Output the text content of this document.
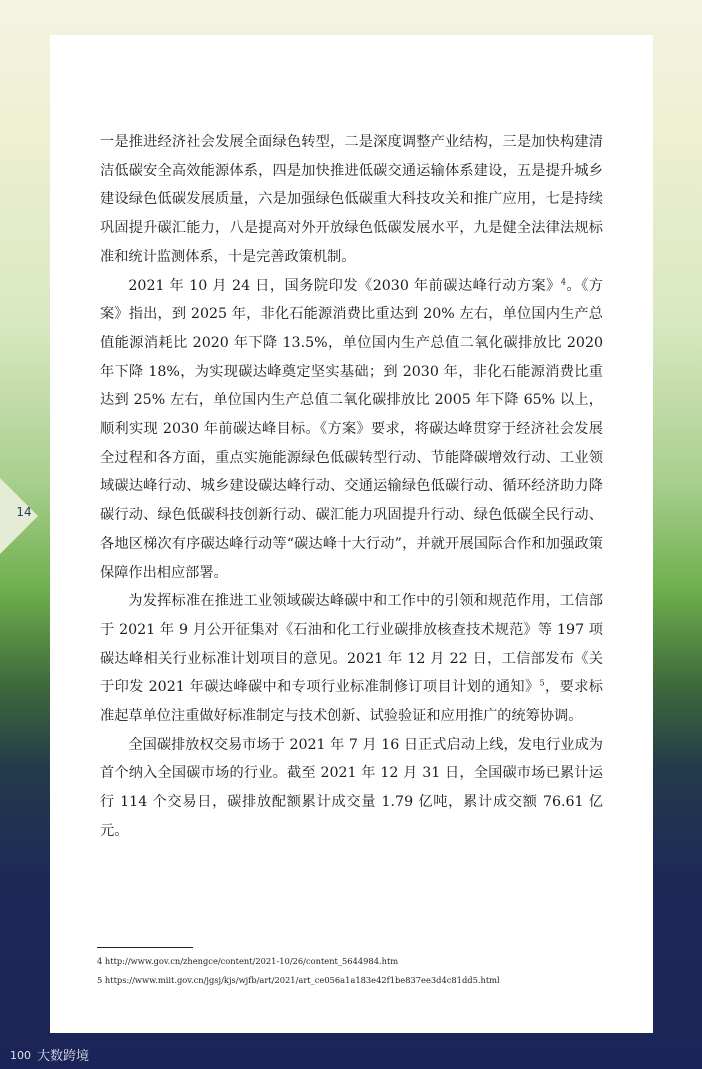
14

一是推进经济社会发展全面绿色转型，二是深度调整产业结构，三是加快构建清洁低碳安全高效能源体系，四是加快推进低碳交通运输体系建设，五是提升城乡建设绿色低碳发展质量，六是加强绿色低碳重大科技攻关和推广应用，七是持续巩固提升碳汇能力，八是提高对外开放绿色低碳发展水平，九是健全法律法规标准和统计监测体系，十是完善政策机制。

2021 年 10 月 24 日，国务院印发《2030 年前碳达峰行动方案》$^4$。《方案》指出，到 2025 年，非化石能源消费比重达到 20% 左右，单位国内生产总值能源消耗比 2020 年下降 13.5%，单位国内生产总值二氧化碳排放比 2020 年下降 18%，为实现碳达峰奠定坚实基础；到 2030 年，非化石能源消费比重达到 25% 左右，单位国内生产总值二氧化碳排放比 2005 年下降 65% 以上，顺利实现 2030 年前碳达峰目标。《方案》要求，将碳达峰贯穿于经济社会发展全过程和各方面，重点实施能源绿色低碳转型行动、节能降碳增效行动、工业领域碳达峰行动、城乡建设碳达峰行动、交通运输绿色低碳行动、循环经济助力降碳行动、绿色低碳科技创新行动、碳汇能力巩固提升行动、绿色低碳全民行动、各地区梯次有序碳达峰行动等“碳达峰十大行动”，并就开展国际合作和加强政策保障作出相应部署。

为发挥标准在推进工业领域碳达峰碳中和工作中的引领和规范作用，工信部于 2021 年 9 月公开征集对《石油和化工行业碳排放核查技术规范》等 197 项碳达峰相关行业标准计划项目的意见。2021 年 12 月 22 日，工信部发布《关于印发 2021 年碳达峰碳中和专项行业标准制修订项目计划的通知》$^5$，要求标准起草单位注重做好标准制定与技术创新、试验验证和应用推广的统筹协调。

全国碳排放权交易市场于 2021 年 7 月 16 日正式启动上线，发电行业成为首个纳入全国碳市场的行业。截至 2021 年 12 月 31 日，全国碳市场已累计运行 114 个交易日，碳排放配额累计成交量 1.79 亿吨，累计成交额 76.61 亿元。

4 http://www.gov.cn/zhengce/content/2021-10/26/content_5644984.htm
5 https://www.miit.gov.cn/jgsj/kjs/wjfb/art/2021/art_ce056a1a183e42f1be837ee3d4c81dd5.html
100 大数跨境
